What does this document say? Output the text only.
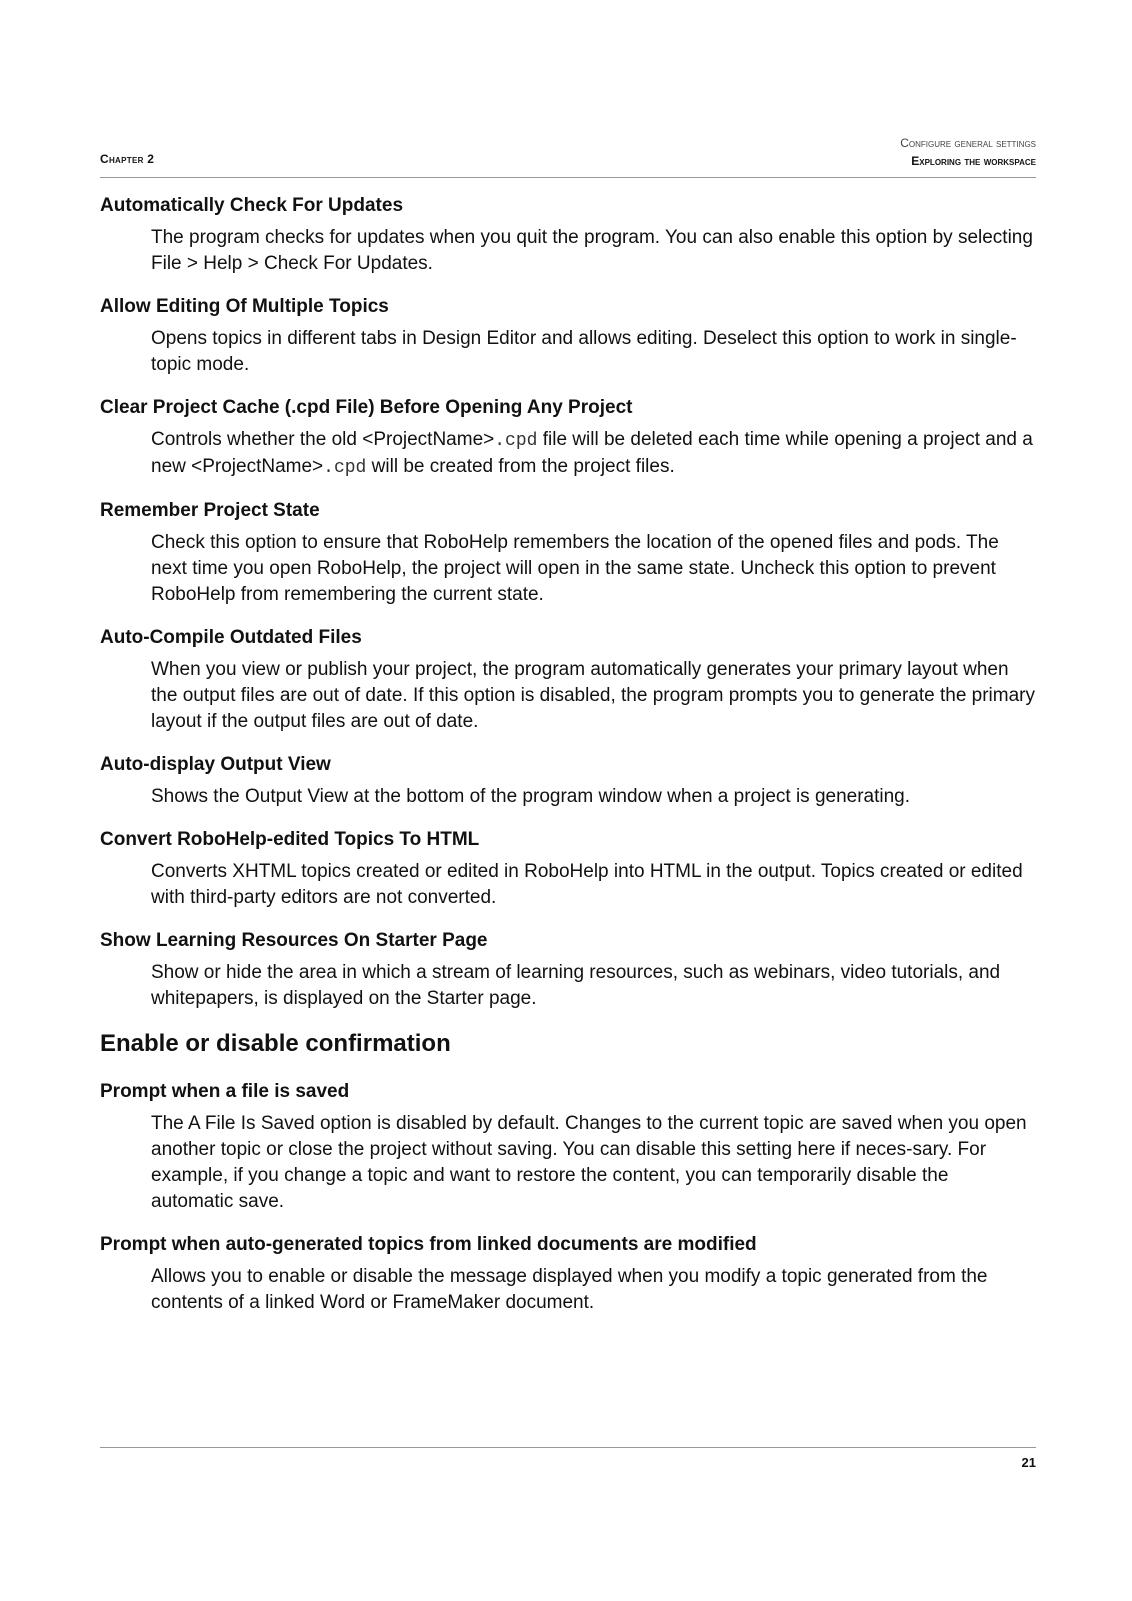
Chapter 2
Configure general settings
Exploring the workspace
Automatically Check For Updates

The program checks for updates when you quit the program. You can also enable this option by selecting File > Help > Check For Updates.

Allow Editing Of Multiple Topics

Opens topics in different tabs in Design Editor and allows editing. Deselect this option to work in single-topic mode.

Clear Project Cache (.cpd File) Before Opening Any Project

Controls whether the old <ProjectName>.cpd file will be deleted each time while opening a project and a new <ProjectName>.cpd will be created from the project files.

Remember Project State

Check this option to ensure that RoboHelp remembers the location of the opened files and pods. The next time you open RoboHelp, the project will open in the same state. Uncheck this option to prevent RoboHelp from remembering the current state.

Auto-Compile Outdated Files

When you view or publish your project, the program automatically generates your primary layout when the output files are out of date. If this option is disabled, the program prompts you to generate the primary layout if the output files are out of date.

Auto-display Output View

Shows the Output View at the bottom of the program window when a project is generating.

Convert RoboHelp-edited Topics To HTML

Converts XHTML topics created or edited in RoboHelp into HTML in the output. Topics created or edited with third-party editors are not converted.

Show Learning Resources On Starter Page

Show or hide the area in which a stream of learning resources, such as webinars, video tutorials, and whitepapers, is displayed on the Starter page.

Enable or disable confirmation
Prompt when a file is saved

The A File Is Saved option is disabled by default. Changes to the current topic are saved when you open another topic or close the project without saving. You can disable this setting here if neces-sary. For example, if you change a topic and want to restore the content, you can temporarily disable the automatic save.

Prompt when auto-generated topics from linked documents are modified

Allows you to enable or disable the message displayed when you modify a topic generated from the contents of a linked Word or FrameMaker document.

21
